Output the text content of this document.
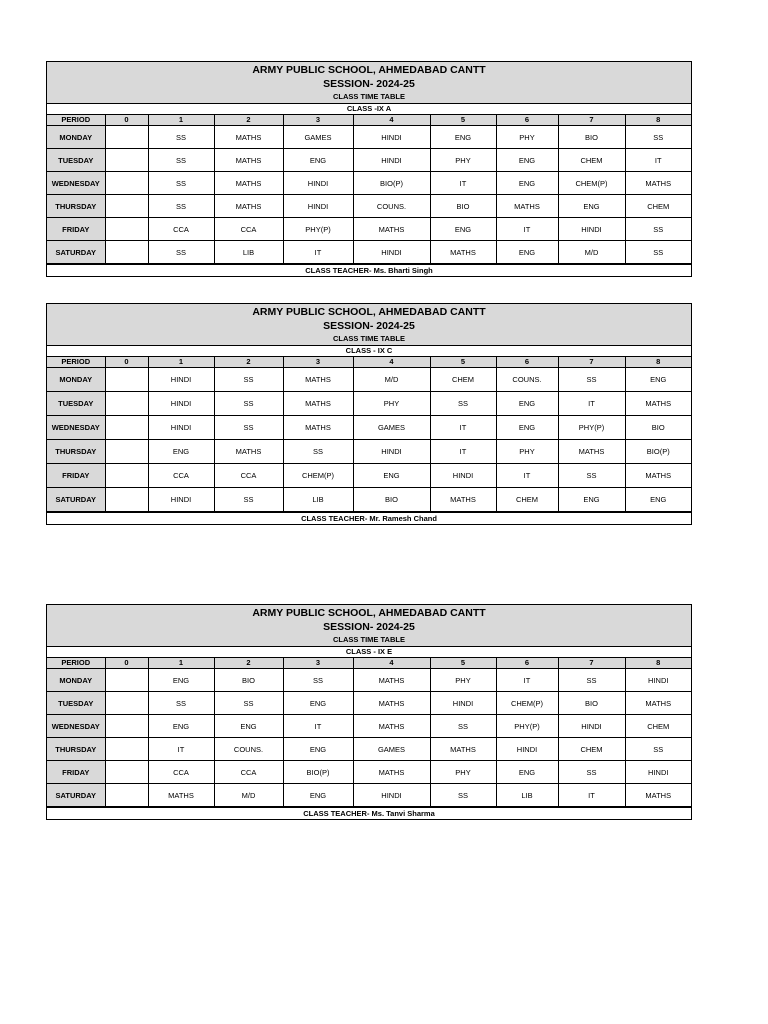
ARMY PUBLIC SCHOOL, AHMEDABAD CANTT
SESSION- 2024-25
CLASS TIME TABLE
CLASS -IX A
PERIOD	0	1	2	3	4	5	6	7	8
MONDAY		SS	MATHS	GAMES	HINDI	ENG	PHY	BIO	SS
TUESDAY		SS	MATHS	ENG	HINDI	PHY	ENG	CHEM	IT
WEDNESDAY		SS	MATHS	HINDI	BIO(P)	IT	ENG	CHEM(P)	MATHS
THURSDAY		SS	MATHS	HINDI	COUNS.	BIO	MATHS	ENG	CHEM
FRIDAY		CCA	CCA	PHY(P)	MATHS	ENG	IT	HINDI	SS
SATURDAY		SS	LIB	IT	HINDI	MATHS	ENG	M/D	SS
CLASS TEACHER- Ms. Bharti Singh
ARMY PUBLIC SCHOOL, AHMEDABAD CANTT
SESSION- 2024-25
CLASS TIME TABLE
CLASS - IX C
PERIOD	0	1	2	3	4	5	6	7	8
MONDAY		HINDI	SS	MATHS	M/D	CHEM	COUNS.	SS	ENG
TUESDAY		HINDI	SS	MATHS	PHY	SS	ENG	IT	MATHS
WEDNESDAY		HINDI	SS	MATHS	GAMES	IT	ENG	PHY(P)	BIO
THURSDAY		ENG	MATHS	SS	HINDI	IT	PHY	MATHS	BIO(P)
FRIDAY		CCA	CCA	CHEM(P)	ENG	HINDI	IT	SS	MATHS
SATURDAY		HINDI	SS	LIB	BIO	MATHS	CHEM	ENG	ENG
CLASS TEACHER- Mr. Ramesh Chand
ARMY PUBLIC SCHOOL, AHMEDABAD CANTT
SESSION- 2024-25
CLASS TIME TABLE
CLASS - IX E
PERIOD	0	1	2	3	4	5	6	7	8
MONDAY		ENG	BIO	SS	MATHS	PHY	IT	SS	HINDI
TUESDAY		SS	SS	ENG	MATHS	HINDI	CHEM(P)	BIO	MATHS
WEDNESDAY		ENG	ENG	IT	MATHS	SS	PHY(P)	HINDI	CHEM
THURSDAY		IT	COUNS.	ENG	GAMES	MATHS	HINDI	CHEM	SS
FRIDAY		CCA	CCA	BIO(P)	MATHS	PHY	ENG	SS	HINDI
SATURDAY		MATHS	M/D	ENG	HINDI	SS	LIB	IT	MATHS
CLASS TEACHER- Ms. Tanvi Sharma
